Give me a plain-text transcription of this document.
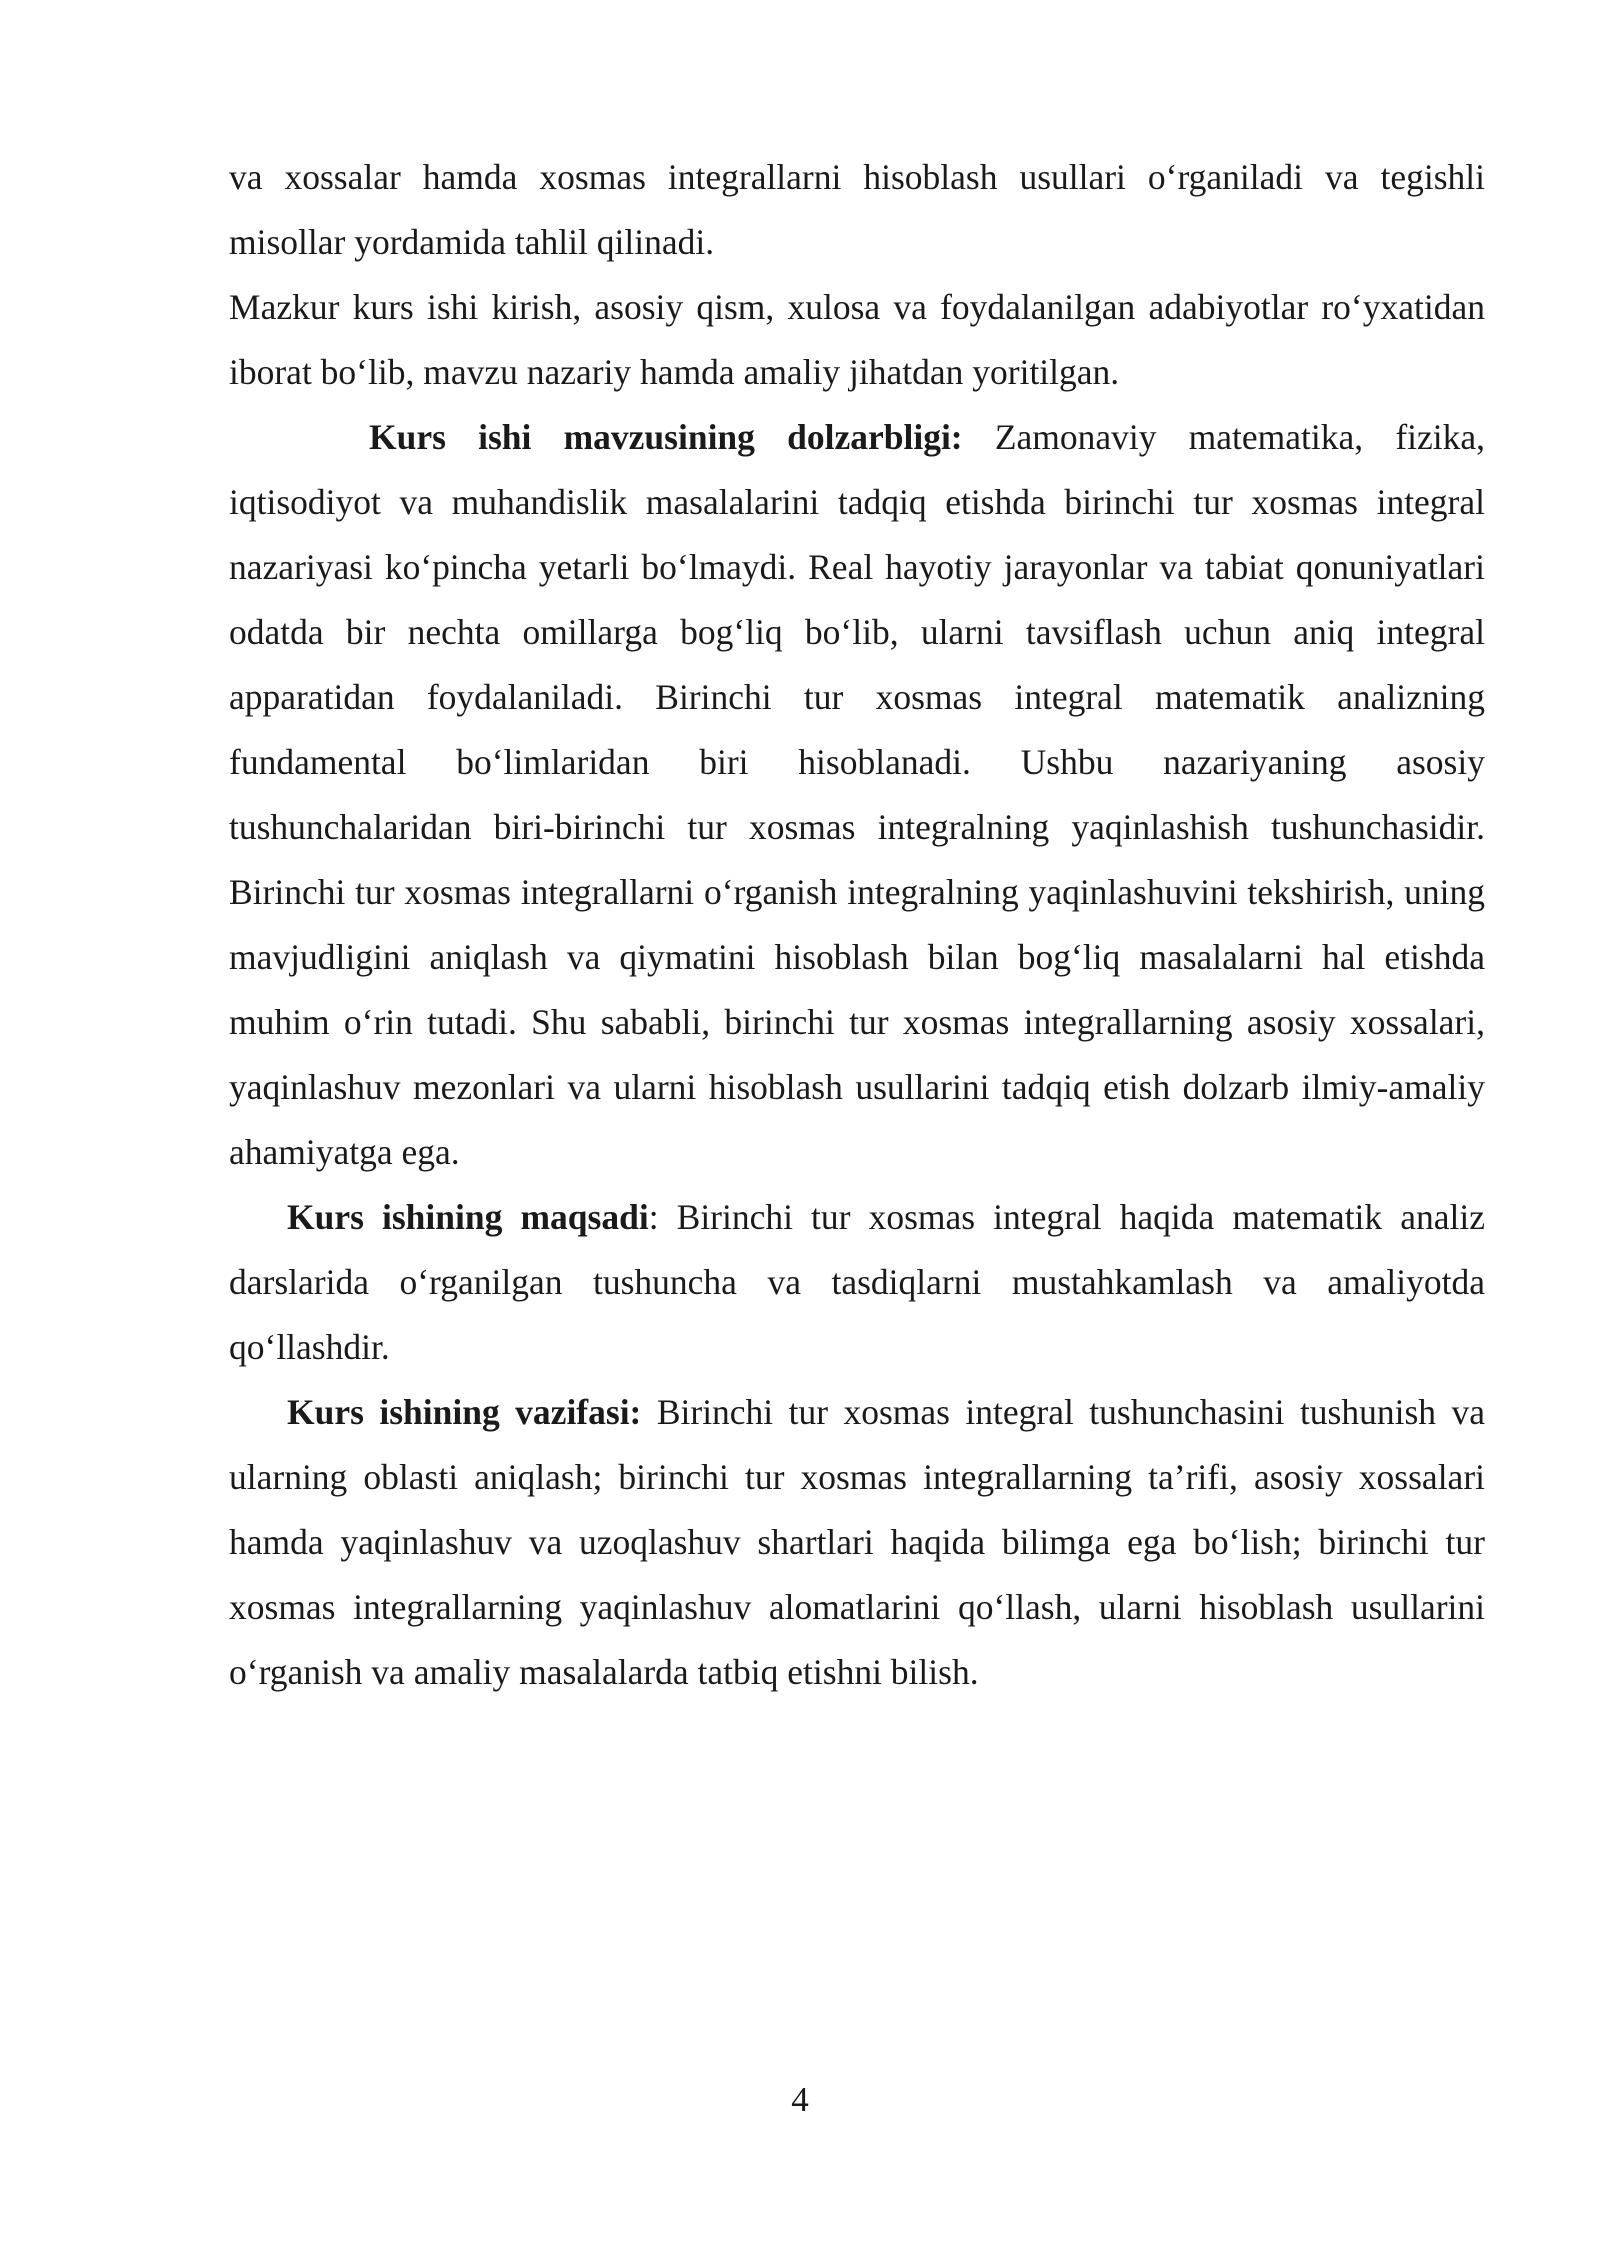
va xossalar hamda xosmas integrallarni hisoblash usullari o‘rganiladi va tegishli misollar yordamida tahlil qilinadi.

Mazkur kurs ishi kirish, asosiy qism, xulosa va foydalanilgan adabiyotlar ro‘yxatidan iborat bo‘lib, mavzu nazariy hamda amaliy jihatdan yoritilgan.

Kurs ishi mavzusining dolzarbligi: Zamonaviy matematika, fizika, iqtisodiyot va muhandislik masalalarini tadqiq etishda birinchi tur xosmas integral nazariyasi ko‘pincha yetarli bo‘lmaydi. Real hayotiy jarayonlar va tabiat qonuniyatlari odatda bir nechta omillarga bog‘liq bo‘lib, ularni tavsiflash uchun aniq integral apparatidan foydalaniladi. Birinchi tur xosmas integral matematik analizning fundamental bo‘limlaridan biri hisoblanadi. Ushbu nazariyaning asosiy tushunchalaridan biri-birinchi tur xosmas integralning yaqinlashish tushunchasidir. Birinchi tur xosmas integrallarni o‘rganish integralning yaqinlashuvini tekshirish, uning mavjudligini aniqlash va qiymatini hisoblash bilan bog‘liq masalalarni hal etishda muhim o‘rin tutadi. Shu sababli, birinchi tur xosmas integrallarning asosiy xossalari, yaqinlashuv mezonlari va ularni hisoblash usullarini tadqiq etish dolzarb ilmiy-amaliy ahamiyatga ega.

Kurs ishining maqsadi: Birinchi tur xosmas integral haqida matematik analiz darslarida o‘rganilgan tushuncha va tasdiqlarni mustahkamlash va amaliyotda qo‘llashdir.

Kurs ishining vazifasi: Birinchi tur xosmas integral tushunchasini tushunish va ularning oblasti aniqlash; birinchi tur xosmas integrallarning ta’rifi, asosiy xossalari hamda yaqinlashuv va uzoqlashuv shartlari haqida bilimga ega bo‘lish; birinchi tur xosmas integrallarning yaqinlashuv alomatlarini qo‘llash, ularni hisoblash usullarini o‘rganish va amaliy masalalarda tatbiq etishni bilish.

4
